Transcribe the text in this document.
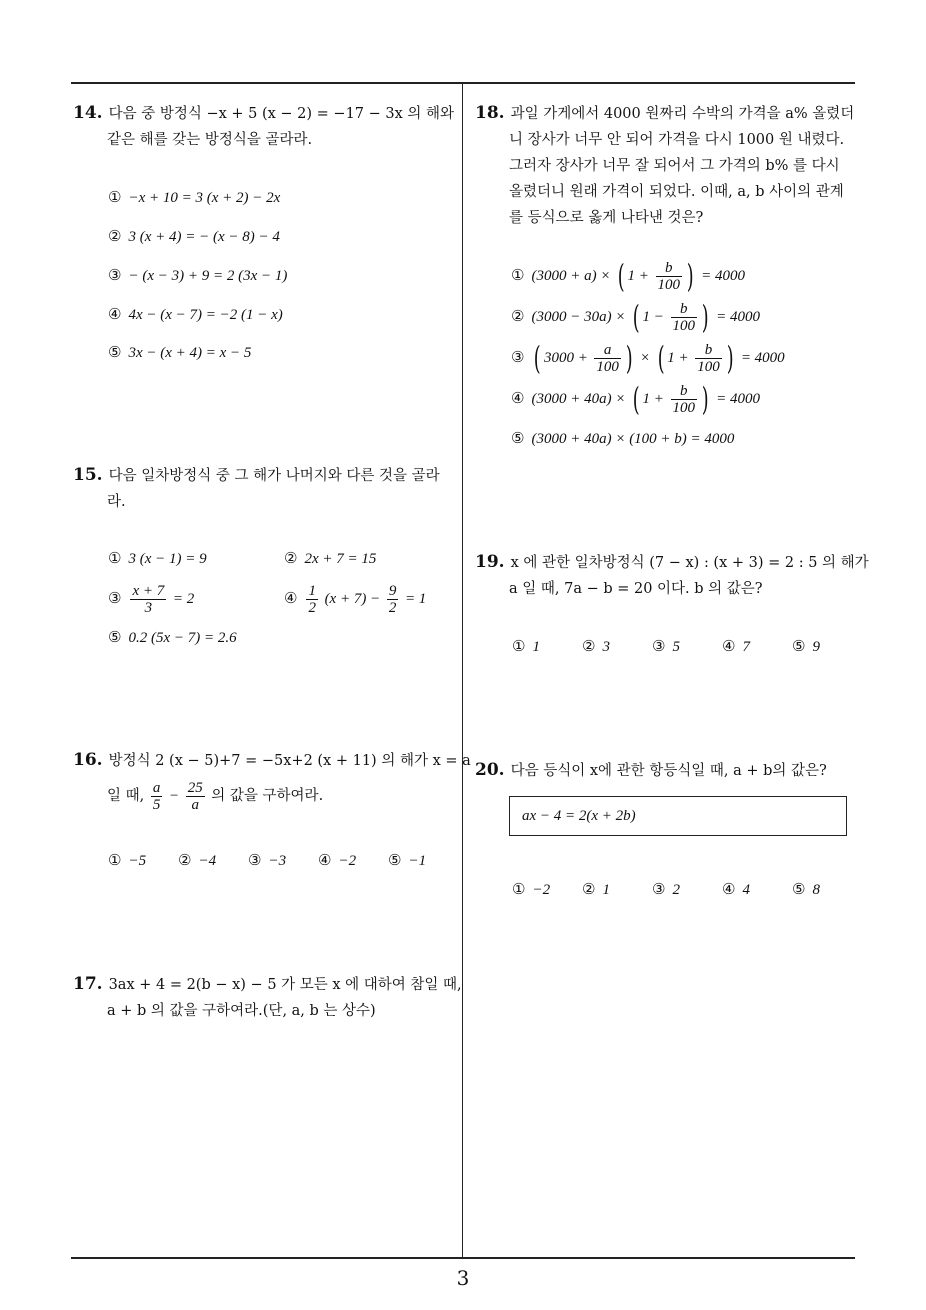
14. 다음 중 방정식 −x + 5 (x − 2) = −17 − 3x 의 해와
같은 해를 갖는 방정식을 골라라.
① −x + 10 = 3 (x + 2) − 2x
② 3 (x + 4) = − (x − 8) − 4
③ − (x − 3) + 9 = 2 (3x − 1)
④ 4x − (x − 7) = −2 (1 − x)
⑤ 3x − (x + 4) = x − 5
15. 다음 일차방정식 중 그 해가 나머지와 다른 것을 골라
라.
① 3 (x − 1) = 9	② 2x + 7 = 15
③ $\frac{x + 7}{3} = 2$	④ $\frac{1}{2} (x + 7) - \frac{9}{2} = 1$
⑤ 0.2 (5x − 7) = 2.6
16. 방정식 2 (x − 5)+7 = −5x+2 (x + 11) 의 해가 x = a
일 때, $\frac{a}{5} - \frac{25}{a}$ 의 값을 구하여라.
① −5 ② −4 ③ −3 ④ −2 ⑤ −1
17. 3ax + 4 = 2(b − x) − 5 가 모든 x 에 대하여 참일 때,
a + b 의 값을 구하여라.(단, a, b 는 상수)
18. 과일 가게에서 4000 원짜리 수박의 가격을 a% 올렸더
니 장사가 너무 안 되어 가격을 다시 1000 원 내렸다.
그러자 장사가 너무 잘 되어서 그 가격의 b% 를 다시
올렸더니 원래 가격이 되었다. 이때, a, b 사이의 관계
를 등식으로 옳게 나타낸 것은?
① (3000 + a) × ( $1 + \frac{b}{100}$ ) = 4000
② (3000 − 30a) × ( $1 - \frac{b}{100}$ ) = 4000
③ ( $3000 + \frac{a}{100}$ ) × ( $1 + \frac{b}{100}$ ) = 4000
④ (3000 + 40a) × ( $1 + \frac{b}{100}$ ) = 4000
⑤ (3000 + 40a) × (100 + b) = 4000
19. x 에 관한 일차방정식 (7 − x) : (x + 3) = 2 : 5 의 해가
a 일 때, 7a − b = 20 이다. b 의 값은?
① 1	② 3	③ 5	④ 7	⑤ 9
20. 다음 등식이 x에 관한 항등식일 때, a + b의 값은?
ax − 4 = 2(x + 2b)
① −2 ② 1	③ 2	④ 4	⑤ 8
3
